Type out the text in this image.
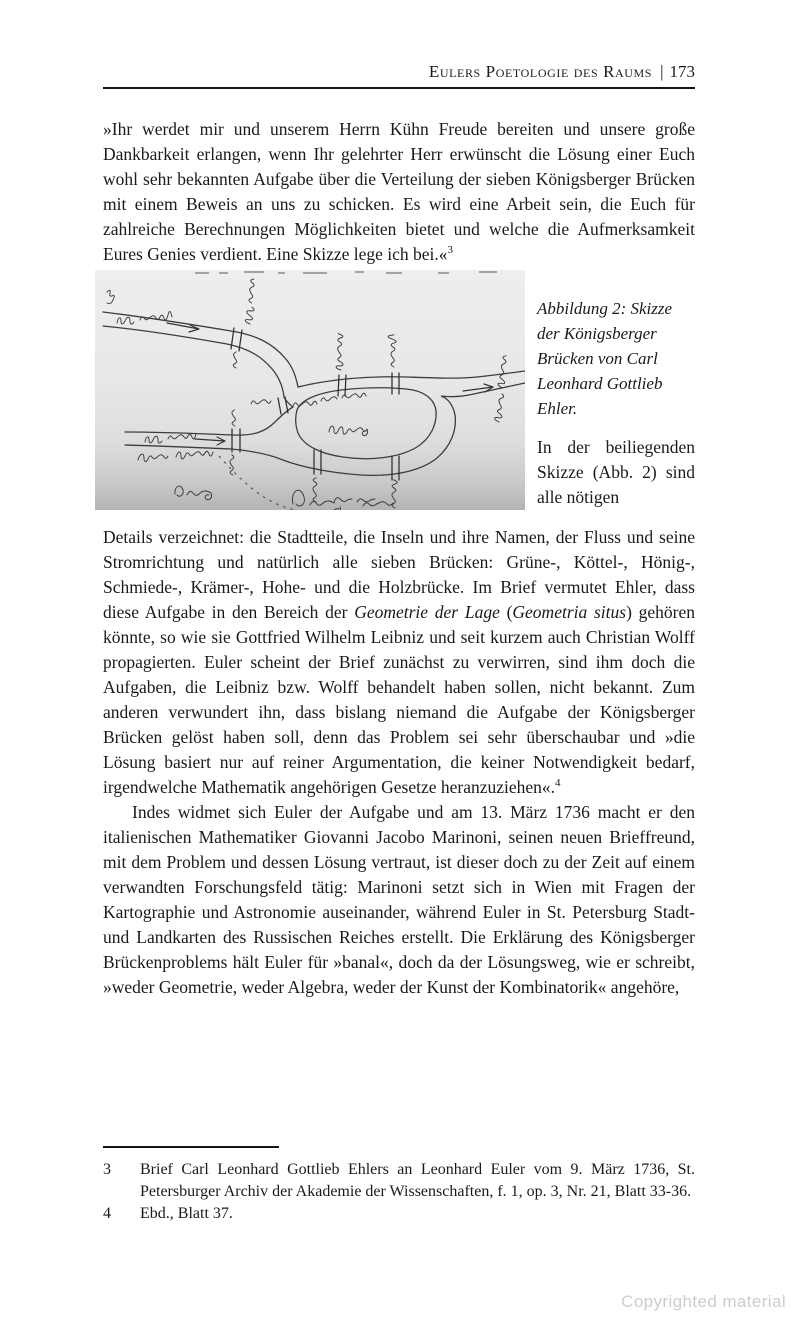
Eulers Poetologie des Raums | 173

»Ihr werdet mir und unserem Herrn Kühn Freude bereiten und unsere große Dankbarkeit erlangen, wenn Ihr gelehrter Herr erwünscht die Lösung einer Euch wohl sehr bekannten Aufgabe über die Verteilung der sieben Königsberger Brücken mit einem Beweis an uns zu schicken. Es wird eine Arbeit sein, die Euch für zahlreiche Berechnungen Möglichkeiten bietet und welche die Aufmerksamkeit Eures Genies verdient. Eine Skizze lege ich bei.«$^3$

Abbildung 2: Skizze der Königsberger Brücken von Carl Leonhard Gottlieb Ehler.

In der beiliegenden Skizze (Abb. 2) sind alle nötigen

Details verzeichnet: die Stadtteile, die Inseln und ihre Namen, der Fluss und seine Stromrichtung und natürlich alle sieben Brücken: Grüne-, Köttel-, Hönig-, Schmiede-, Krämer-, Hohe- und die Holzbrücke. Im Brief vermutet Ehler, dass diese Aufgabe in den Bereich der Geometrie der Lage (Geometria situs) gehören könnte, so wie sie Gottfried Wilhelm Leibniz und seit kurzem auch Christian Wolff propagierten. Euler scheint der Brief zunächst zu verwirren, sind ihm doch die Aufgaben, die Leibniz bzw. Wolff behandelt haben sollen, nicht bekannt. Zum anderen verwundert ihn, dass bislang niemand die Aufgabe der Königsberger Brücken gelöst haben soll, denn das Problem sei sehr überschaubar und »die Lösung basiert nur auf reiner Argumentation, die keiner Notwendigkeit bedarf, irgendwelche Mathematik angehörigen Gesetze heranzuziehen«.$^4$

Indes widmet sich Euler der Aufgabe und am 13. März 1736 macht er den italienischen Mathematiker Giovanni Jacobo Marinoni, seinen neuen Brieffreund, mit dem Problem und dessen Lösung vertraut, ist dieser doch zu der Zeit auf einem verwandten Forschungsfeld tätig: Marinoni setzt sich in Wien mit Fragen der Kartographie und Astronomie auseinander, während Euler in St. Petersburg Stadt- und Landkarten des Russischen Reiches erstellt. Die Erklärung des Königsberger Brückenproblems hält Euler für »banal«, doch da der Lösungsweg, wie er schreibt, »weder Geometrie, weder Algebra, weder der Kunst der Kombinatorik« angehöre,

3	Brief Carl Leonhard Gottlieb Ehlers an Leonhard Euler vom 9. März 1736, St. Petersburger Archiv der Akademie der Wissenschaften, f. 1, op. 3, Nr. 21, Blatt 33-36.
4	Ebd., Blatt 37.
Copyrighted material
